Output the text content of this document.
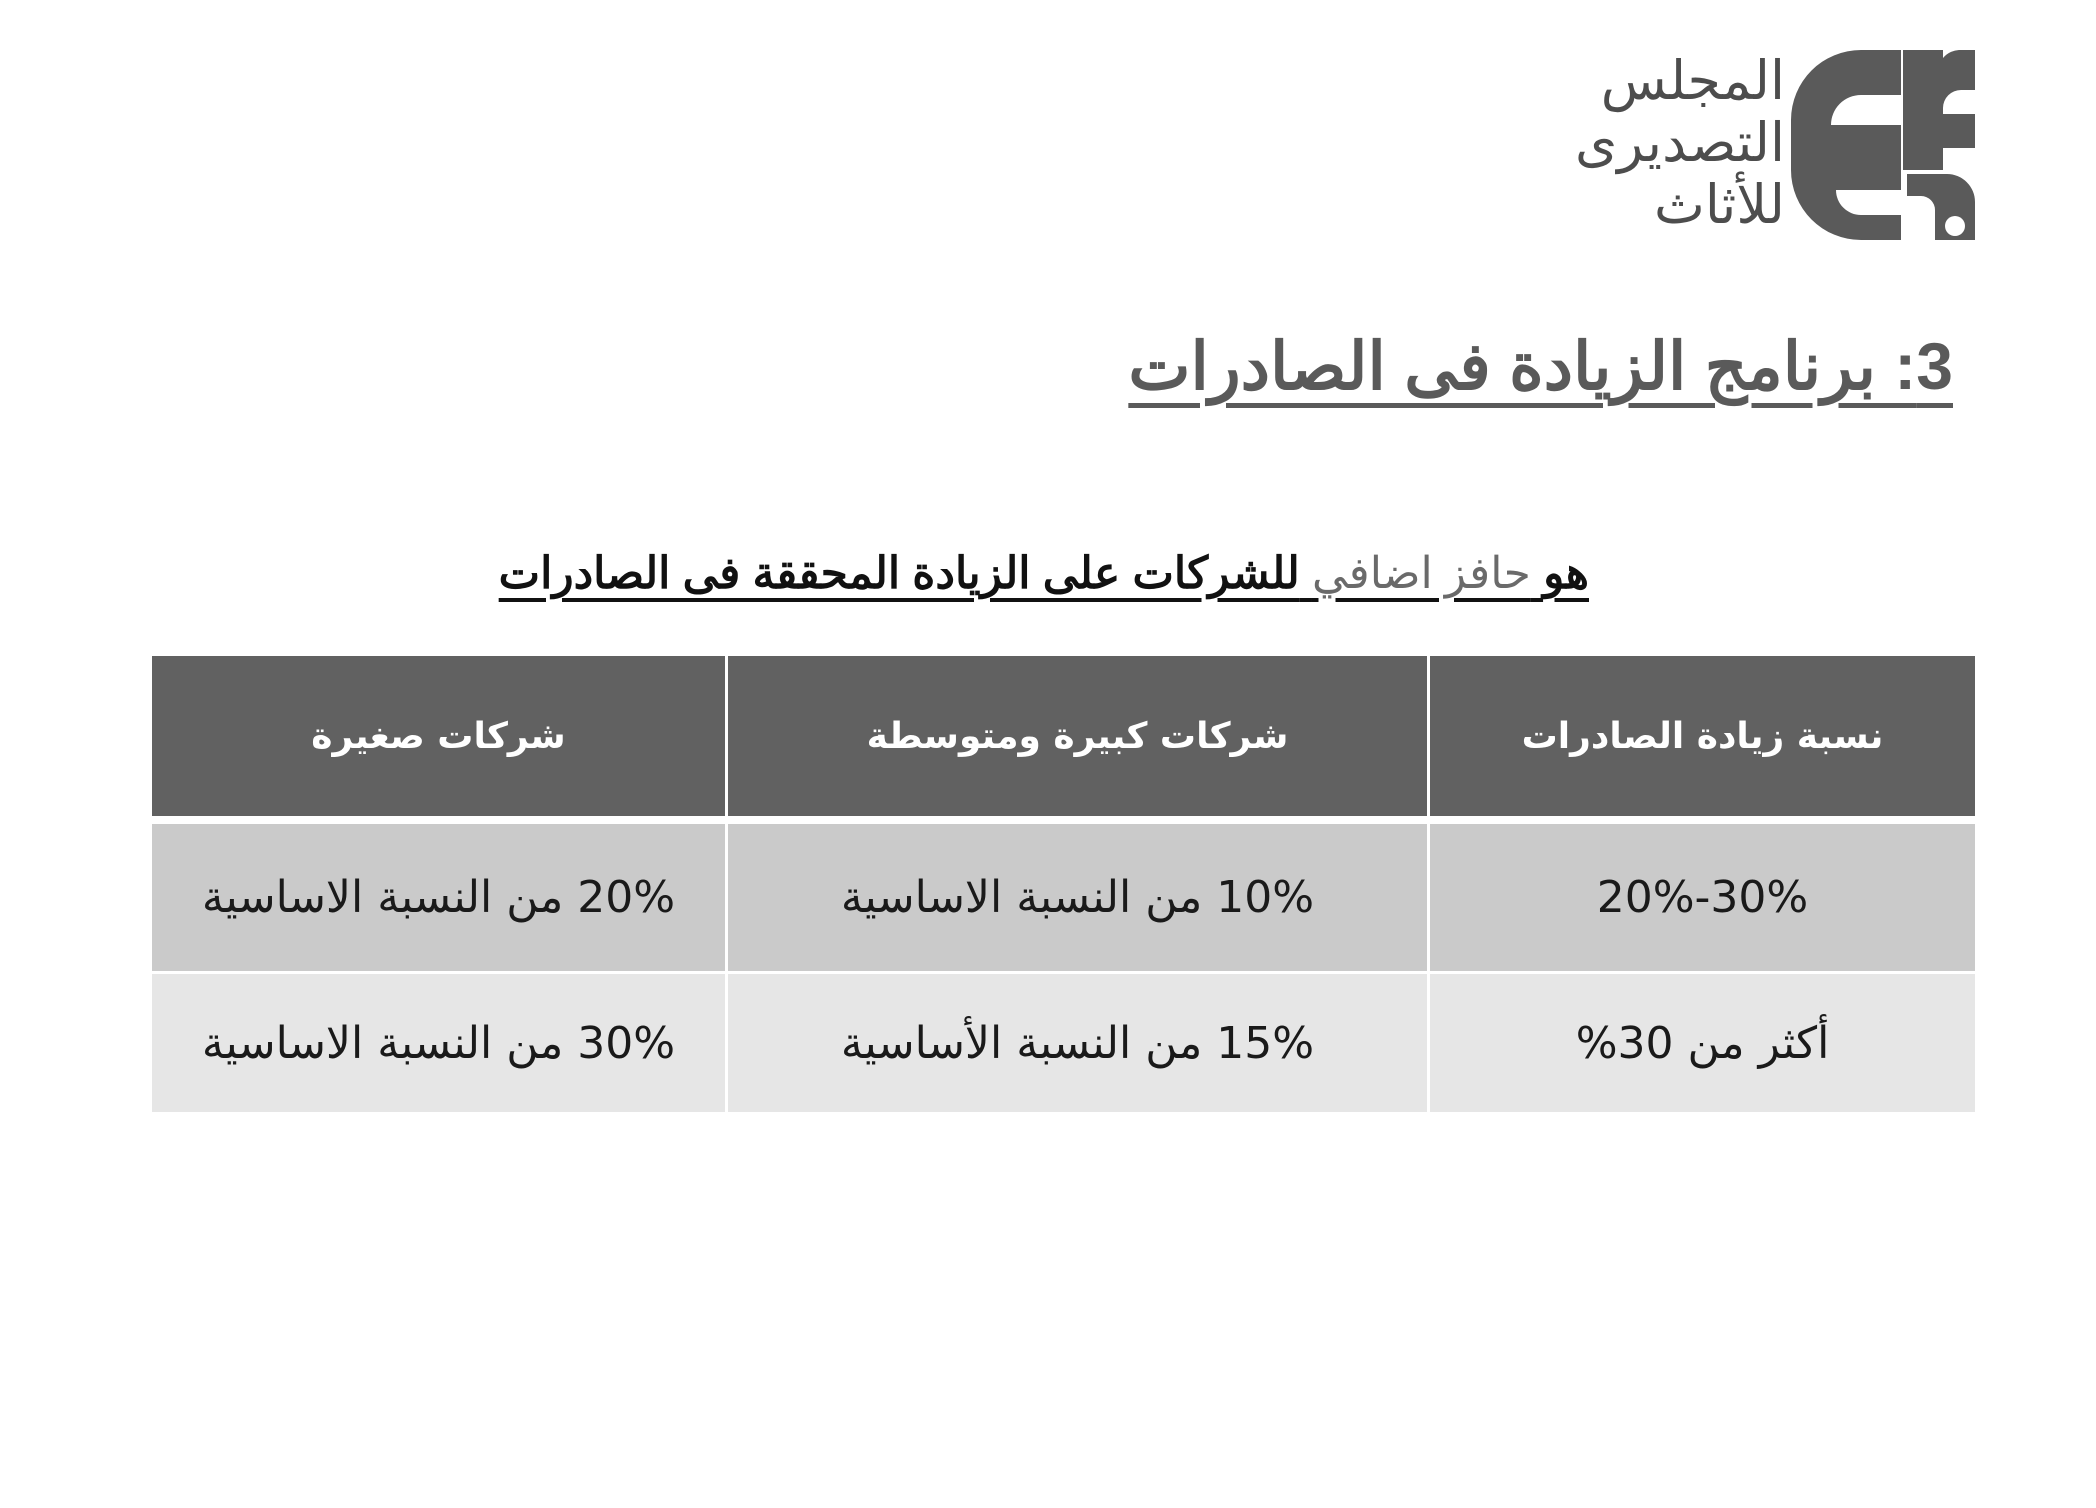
المجلس
التصديرى
للأثاث
3: برنامج الزيادة فى الصادرات
هو حافز اضافي للشركات على الزيادة المحققة فى الصادرات
نسبة زيادة الصادرات
شركات كبيرة ومتوسطة
شركات صغيرة
20%-30%
10% من النسبة الاساسية
20% من النسبة الاساسية
أكثر من 30%
15% من النسبة الأساسية
30% من النسبة الاساسية
